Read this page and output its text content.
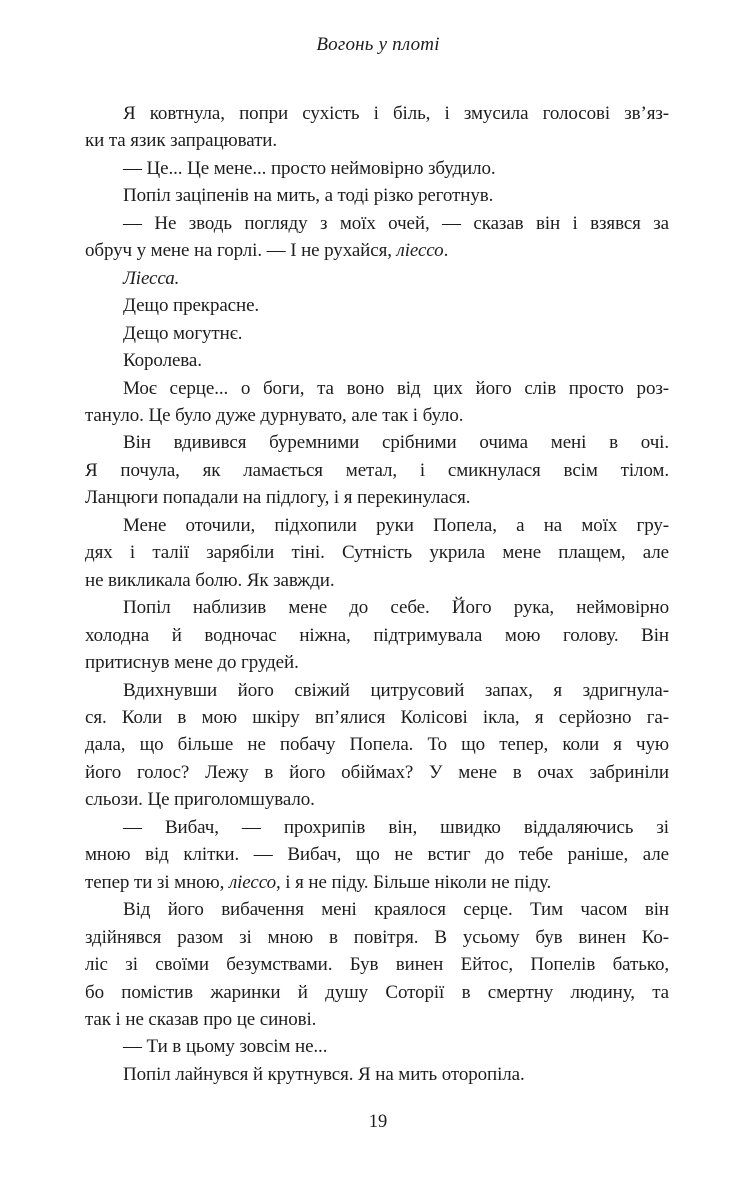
Вогонь у плоті
Я ковтнула, попри сухість і біль, і змусила голосові зв’яз-
ки та язик запрацювати.
— Це... Це мене... просто неймовірно збудило.
Попіл заціпенів на мить, а тоді різко реготнув.
— Не зводь погляду з моїх очей, — сказав він і взявся за
обруч у мене на горлі. — І не рухайся, ліессо.
Ліесса.
Дещо прекрасне.
Дещо могутнє.
Королева.
Моє серце... о боги, та воно від цих його слів просто роз-
тануло. Це було дуже дурнувато, але так і було.
Він вдивився буремними срібними очима мені в очі.
Я почула, як ламається метал, і смикнулася всім тілом.
Ланцюги попадали на підлогу, і я перекинулася.
Мене оточили, підхопили руки Попела, а на моїх гру-
дях і талії зарябіли тіні. Сутність укрила мене плащем, але
не викликала болю. Як завжди.
Попіл наблизив мене до себе. Його рука, неймовірно
холодна й водночас ніжна, підтримувала мою голову. Він
притиснув мене до грудей.
Вдихнувши його свіжий цитрусовий запах, я здригнула-
ся. Коли в мою шкіру вп’ялися Колісові ікла, я серйозно га-
дала, що більше не побачу Попела. То що тепер, коли я чую
його голос? Лежу в його обіймах? У мене в очах забриніли
сльози. Це приголомшувало.
— Вибач, — прохрипів він, швидко віддаляючись зі
мною від клітки. — Вибач, що не встиг до тебе раніше, але
тепер ти зі мною, ліессо, і я не піду. Більше ніколи не піду.
Від його вибачення мені краялося серце. Тим часом він
здійнявся разом зі мною в повітря. В усьому був винен Ко-
ліс зі своїми безумствами. Був винен Ейтос, Попелів батько,
бо помістив жаринки й душу Соторії в смертну людину, та
так і не сказав про це синові.
— Ти в цьому зовсім не...
Попіл лайнувся й крутнувся. Я на мить оторопіла.
19
